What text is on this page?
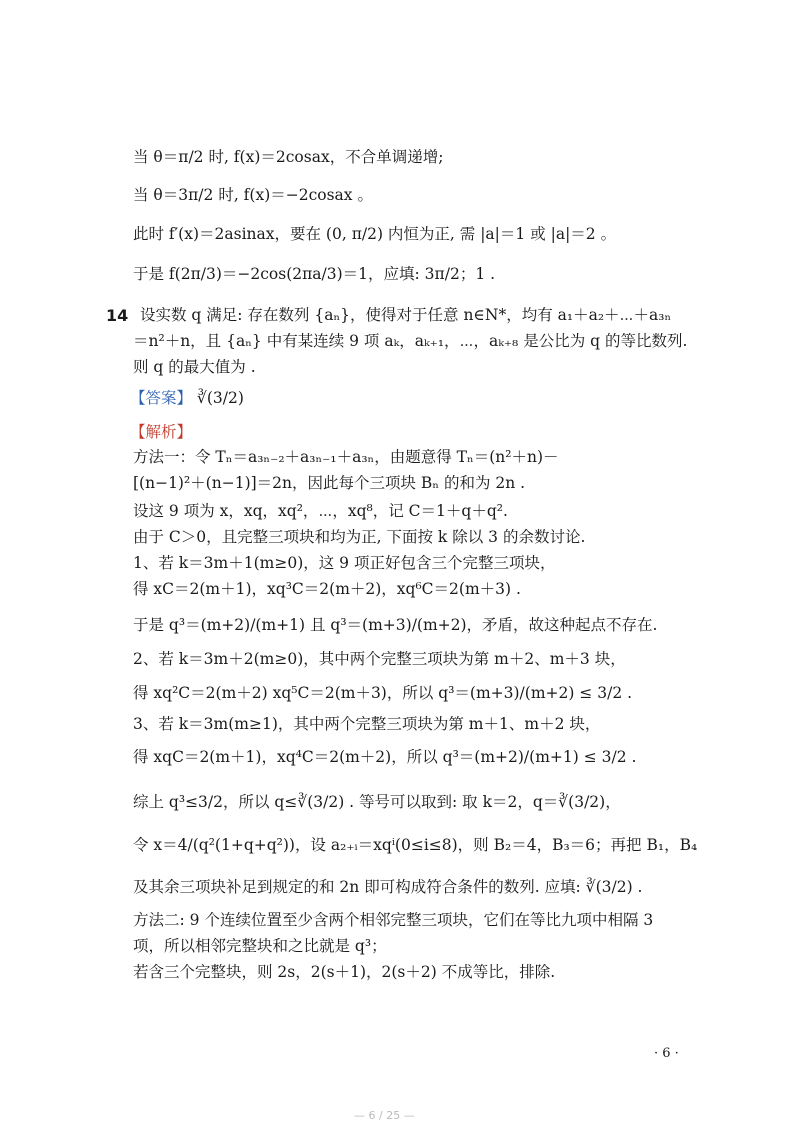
当 θ＝π/2 时, f(x)＝2cosax，不合单调递增;
当 θ＝3π/2 时, f(x)＝−2cosax 。
此时 f′(x)＝2asinax，要在 (0, π/2) 内恒为正, 需 |a|＝1 或 |a|＝2 。
于是 f(2π/3)＝−2cos(2πa/3)＝1，应填: 3π/2；1 .
14 设实数 q 满足: 存在数列 {aₙ}，使得对于任意 n∈N*，均有 a₁＋a₂＋⋯＋a₃ₙ
＝n²＋n，且 {aₙ} 中有某连续 9 项 aₖ，aₖ₊₁，⋯，aₖ₊₈ 是公比为 q 的等比数列.
则 q 的最大值为 .
【答案】 ∛(3/2)
【解析】
方法一：令 Tₙ＝a₃ₙ₋₂＋a₃ₙ₋₁＋a₃ₙ，由题意得 Tₙ＝(n²＋n)－
[(n−1)²＋(n−1)]＝2n，因此每个三项块 Bₙ 的和为 2n .
设这 9 项为 x，xq，xq²，⋯，xq⁸，记 C＝1＋q＋q².
由于 C＞0，且完整三项块和均为正, 下面按 k 除以 3 的余数讨论.
1、若 k＝3m＋1(m≥0)，这 9 项正好包含三个完整三项块，
得 xC＝2(m＋1)，xq³C＝2(m＋2)，xq⁶C＝2(m＋3) .
于是 q³＝(m+2)/(m+1) 且 q³＝(m+3)/(m+2)，矛盾，故这种起点不存在.
2、若 k＝3m＋2(m≥0)，其中两个完整三项块为第 m＋2、m＋3 块，
得 xq²C＝2(m＋2) xq⁵C＝2(m＋3)，所以 q³＝(m+3)/(m+2) ≤ 3/2 .
3、若 k＝3m(m≥1)，其中两个完整三项块为第 m＋1、m＋2 块，
得 xqC＝2(m＋1)，xq⁴C＝2(m＋2)，所以 q³＝(m+2)/(m+1) ≤ 3/2 .
综上 q³≤3/2，所以 q≤∛(3/2) . 等号可以取到: 取 k＝2，q＝∛(3/2)，
令 x＝4/(q²(1+q+q²))，设 a₂₊ᵢ＝xqⁱ(0≤i≤8)，则 B₂＝4，B₃＝6；再把 B₁，B₄
及其余三项块补足到规定的和 2n 即可构成符合条件的数列. 应填: ∛(3/2) .
方法二: 9 个连续位置至少含两个相邻完整三项块，它们在等比九项中相隔 3
项，所以相邻完整块和之比就是 q³；
若含三个完整块，则 2s，2(s＋1)，2(s＋2) 不成等比，排除.
· 6 ·
— 6 / 25 —
